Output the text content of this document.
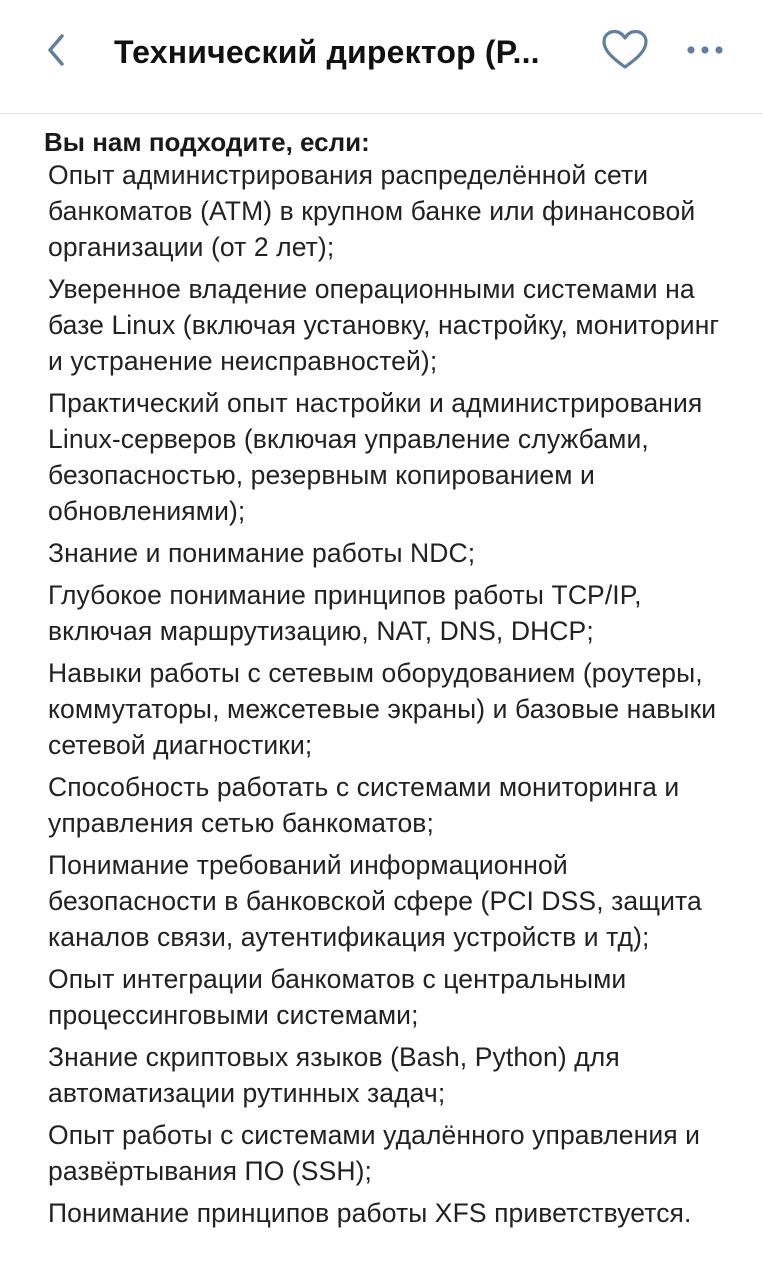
Технический директор (Р...
Вы нам подходите, если:
Опыт администрирования распределённой сети банкоматов (ATM) в крупном банке или финансовой организации (от 2 лет);
Уверенное владение операционными системами на базе Linux (включая установку, настройку, мониторинг и устранение неисправностей);
Практический опыт настройки и администрирования Linux-серверов (включая управление службами, безопасностью, резервным копированием и обновлениями);
Знание и понимание работы NDC;
Глубокое понимание принципов работы TCP/IP, включая маршрутизацию, NAT, DNS, DHCP;
Навыки работы с сетевым оборудованием (роутеры, коммутаторы, межсетевые экраны) и базовые навыки сетевой диагностики;
Способность работать с системами мониторинга и управления сетью банкоматов;
Понимание требований информационной безопасности в банковской сфере (PCI DSS, защита каналов связи, аутентификация устройств и тд);
Опыт интеграции банкоматов с центральными процессинговыми системами;
Знание скриптовых языков (Bash, Python) для автоматизации рутинных задач;
Опыт работы с системами удалённого управления и развёртывания ПО (SSH);
Понимание принципов работы XFS приветствуется.
